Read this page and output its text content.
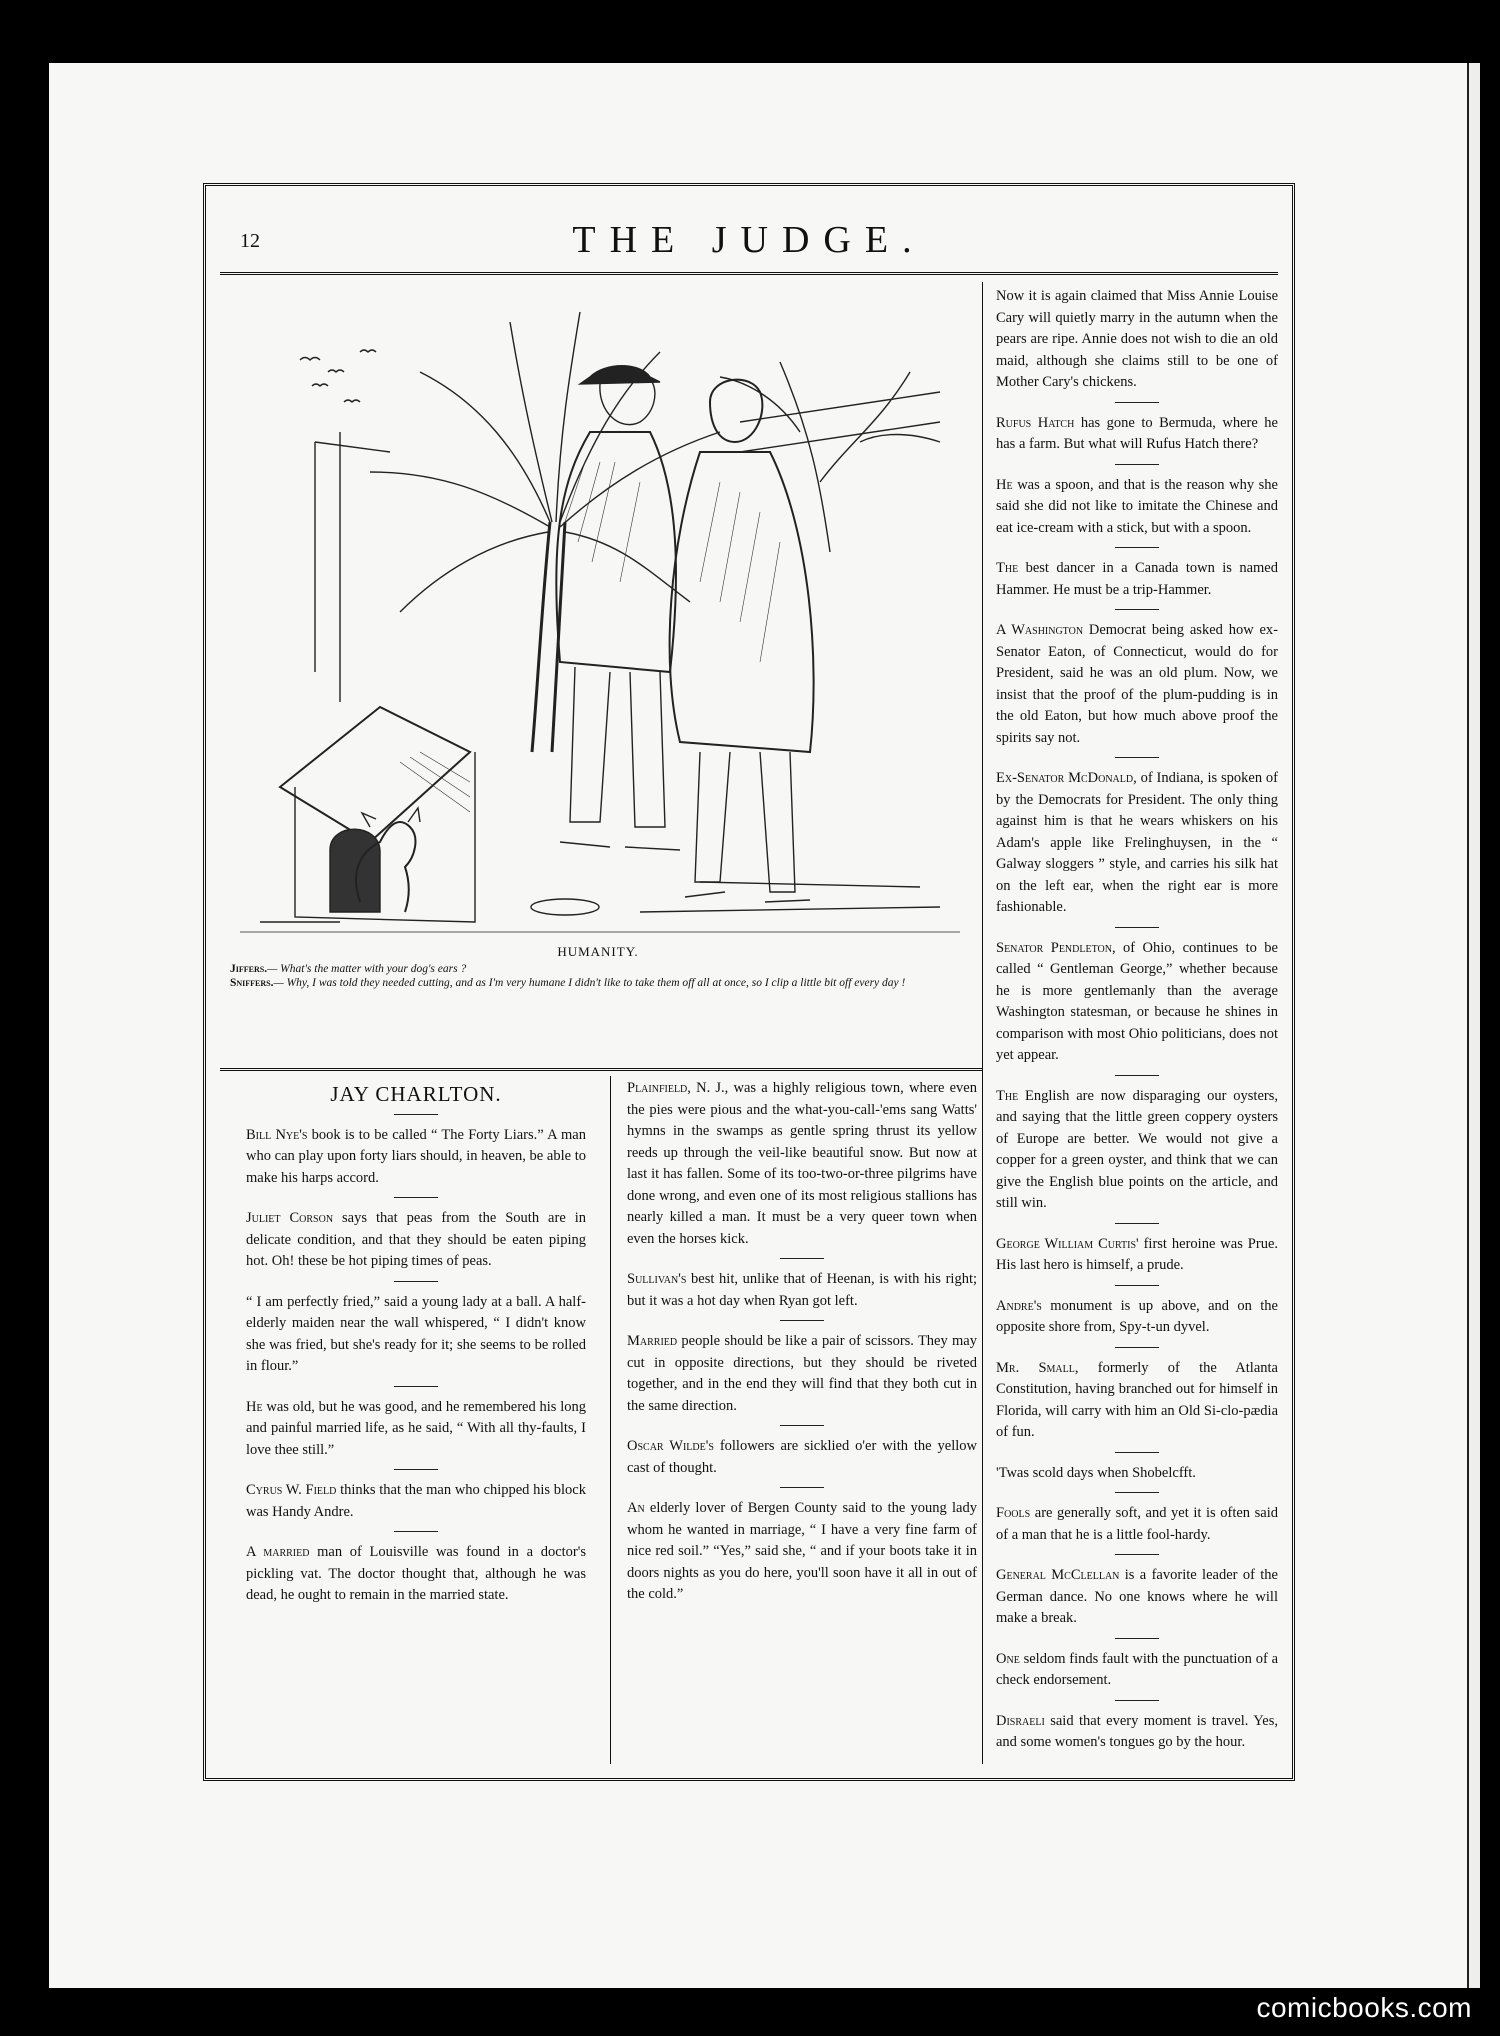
12	THE JUDGE.
HUMANITY.
Jiffers.— What's the matter with your dog's ears ?
Sniffers.— Why, I was told they needed cutting, and as I'm very humane I didn't like to take them off all at once, so I clip a little bit off every day !

Now it is again claimed that Miss Annie Louise Cary will quietly marry in the autumn when the pears are ripe. Annie does not wish to die an old maid, although she claims still to be one of Mother Cary's chickens.

Rufus Hatch has gone to Bermuda, where he has a farm. But what will Rufus Hatch there?

He was a spoon, and that is the reason why she said she did not like to imitate the Chinese and eat ice-cream with a stick, but with a spoon.

The best dancer in a Canada town is named Hammer. He must be a trip-Hammer.

A Washington Democrat being asked how ex-Senator Eaton, of Connecticut, would do for President, said he was an old plum. Now, we insist that the proof of the plum-pudding is in the old Eaton, but how much above proof the spirits say not.

Ex-Senator McDonald, of Indiana, is spoken of by the Democrats for President. The only thing against him is that he wears whiskers on his Adam's apple like Frelinghuysen, in the “ Galway sloggers ” style, and carries his silk hat on the left ear, when the right ear is more fashionable.

Senator Pendleton, of Ohio, continues to be called “ Gentleman George,” whether because he is more gentlemanly than the average Washington statesman, or because he shines in comparison with most Ohio politicians, does not yet appear.

The English are now disparaging our oysters, and saying that the little green coppery oysters of Europe are better. We would not give a copper for a green oyster, and think that we can give the English blue points on the article, and still win.

George William Curtis' first heroine was Prue. His last hero is himself, a prude.

Andre's monument is up above, and on the opposite shore from, Spy-t-un dyvel.

Mr. Small, formerly of the Atlanta Constitution, having branched out for himself in Florida, will carry with him an Old Si-clo-pædia of fun.

'Twas scold days when Shobelcfft.

Fools are generally soft, and yet it is often said of a man that he is a little fool-hardy.

General McClellan is a favorite leader of the German dance. No one knows where he will make a break.

One seldom finds fault with the punctuation of a check endorsement.

Disraeli said that every moment is travel. Yes, and some women's tongues go by the hour.

JAY CHARLTON.

Bill Nye's book is to be called “ The Forty Liars.” A man who can play upon forty liars should, in heaven, be able to make his harps accord.

Juliet Corson says that peas from the South are in delicate condition, and that they should be eaten piping hot. Oh! these be hot piping times of peas.

“ I am perfectly fried,” said a young lady at a ball. A half-elderly maiden near the wall whispered, “ I didn't know she was fried, but she's ready for it; she seems to be rolled in flour.”

He was old, but he was good, and he remembered his long and painful married life, as he said, “ With all thy-faults, I love thee still.”

Cyrus W. Field thinks that the man who chipped his block was Handy Andre.

A married man of Louisville was found in a doctor's pickling vat. The doctor thought that, although he was dead, he ought to remain in the married state.

Plainfield, N. J., was a highly religious town, where even the pies were pious and the what-you-call-'ems sang Watts' hymns in the swamps as gentle spring thrust its yellow reeds up through the veil-like beautiful snow. But now at last it has fallen. Some of its too-two-or-three pilgrims have done wrong, and even one of its most religious stallions has nearly killed a man. It must be a very queer town when even the horses kick.

Sullivan's best hit, unlike that of Heenan, is with his right; but it was a hot day when Ryan got left.

Married people should be like a pair of scissors. They may cut in opposite directions, but they should be riveted together, and in the end they will find that they both cut in the same direction.

Oscar Wilde's followers are sicklied o'er with the yellow cast of thought.

An elderly lover of Bergen County said to the young lady whom he wanted in marriage, “ I have a very fine farm of nice red soil.” “Yes,” said she, “ and if your boots take it in doors nights as you do here, you'll soon have it all in out of the cold.”

comicbooks.com
